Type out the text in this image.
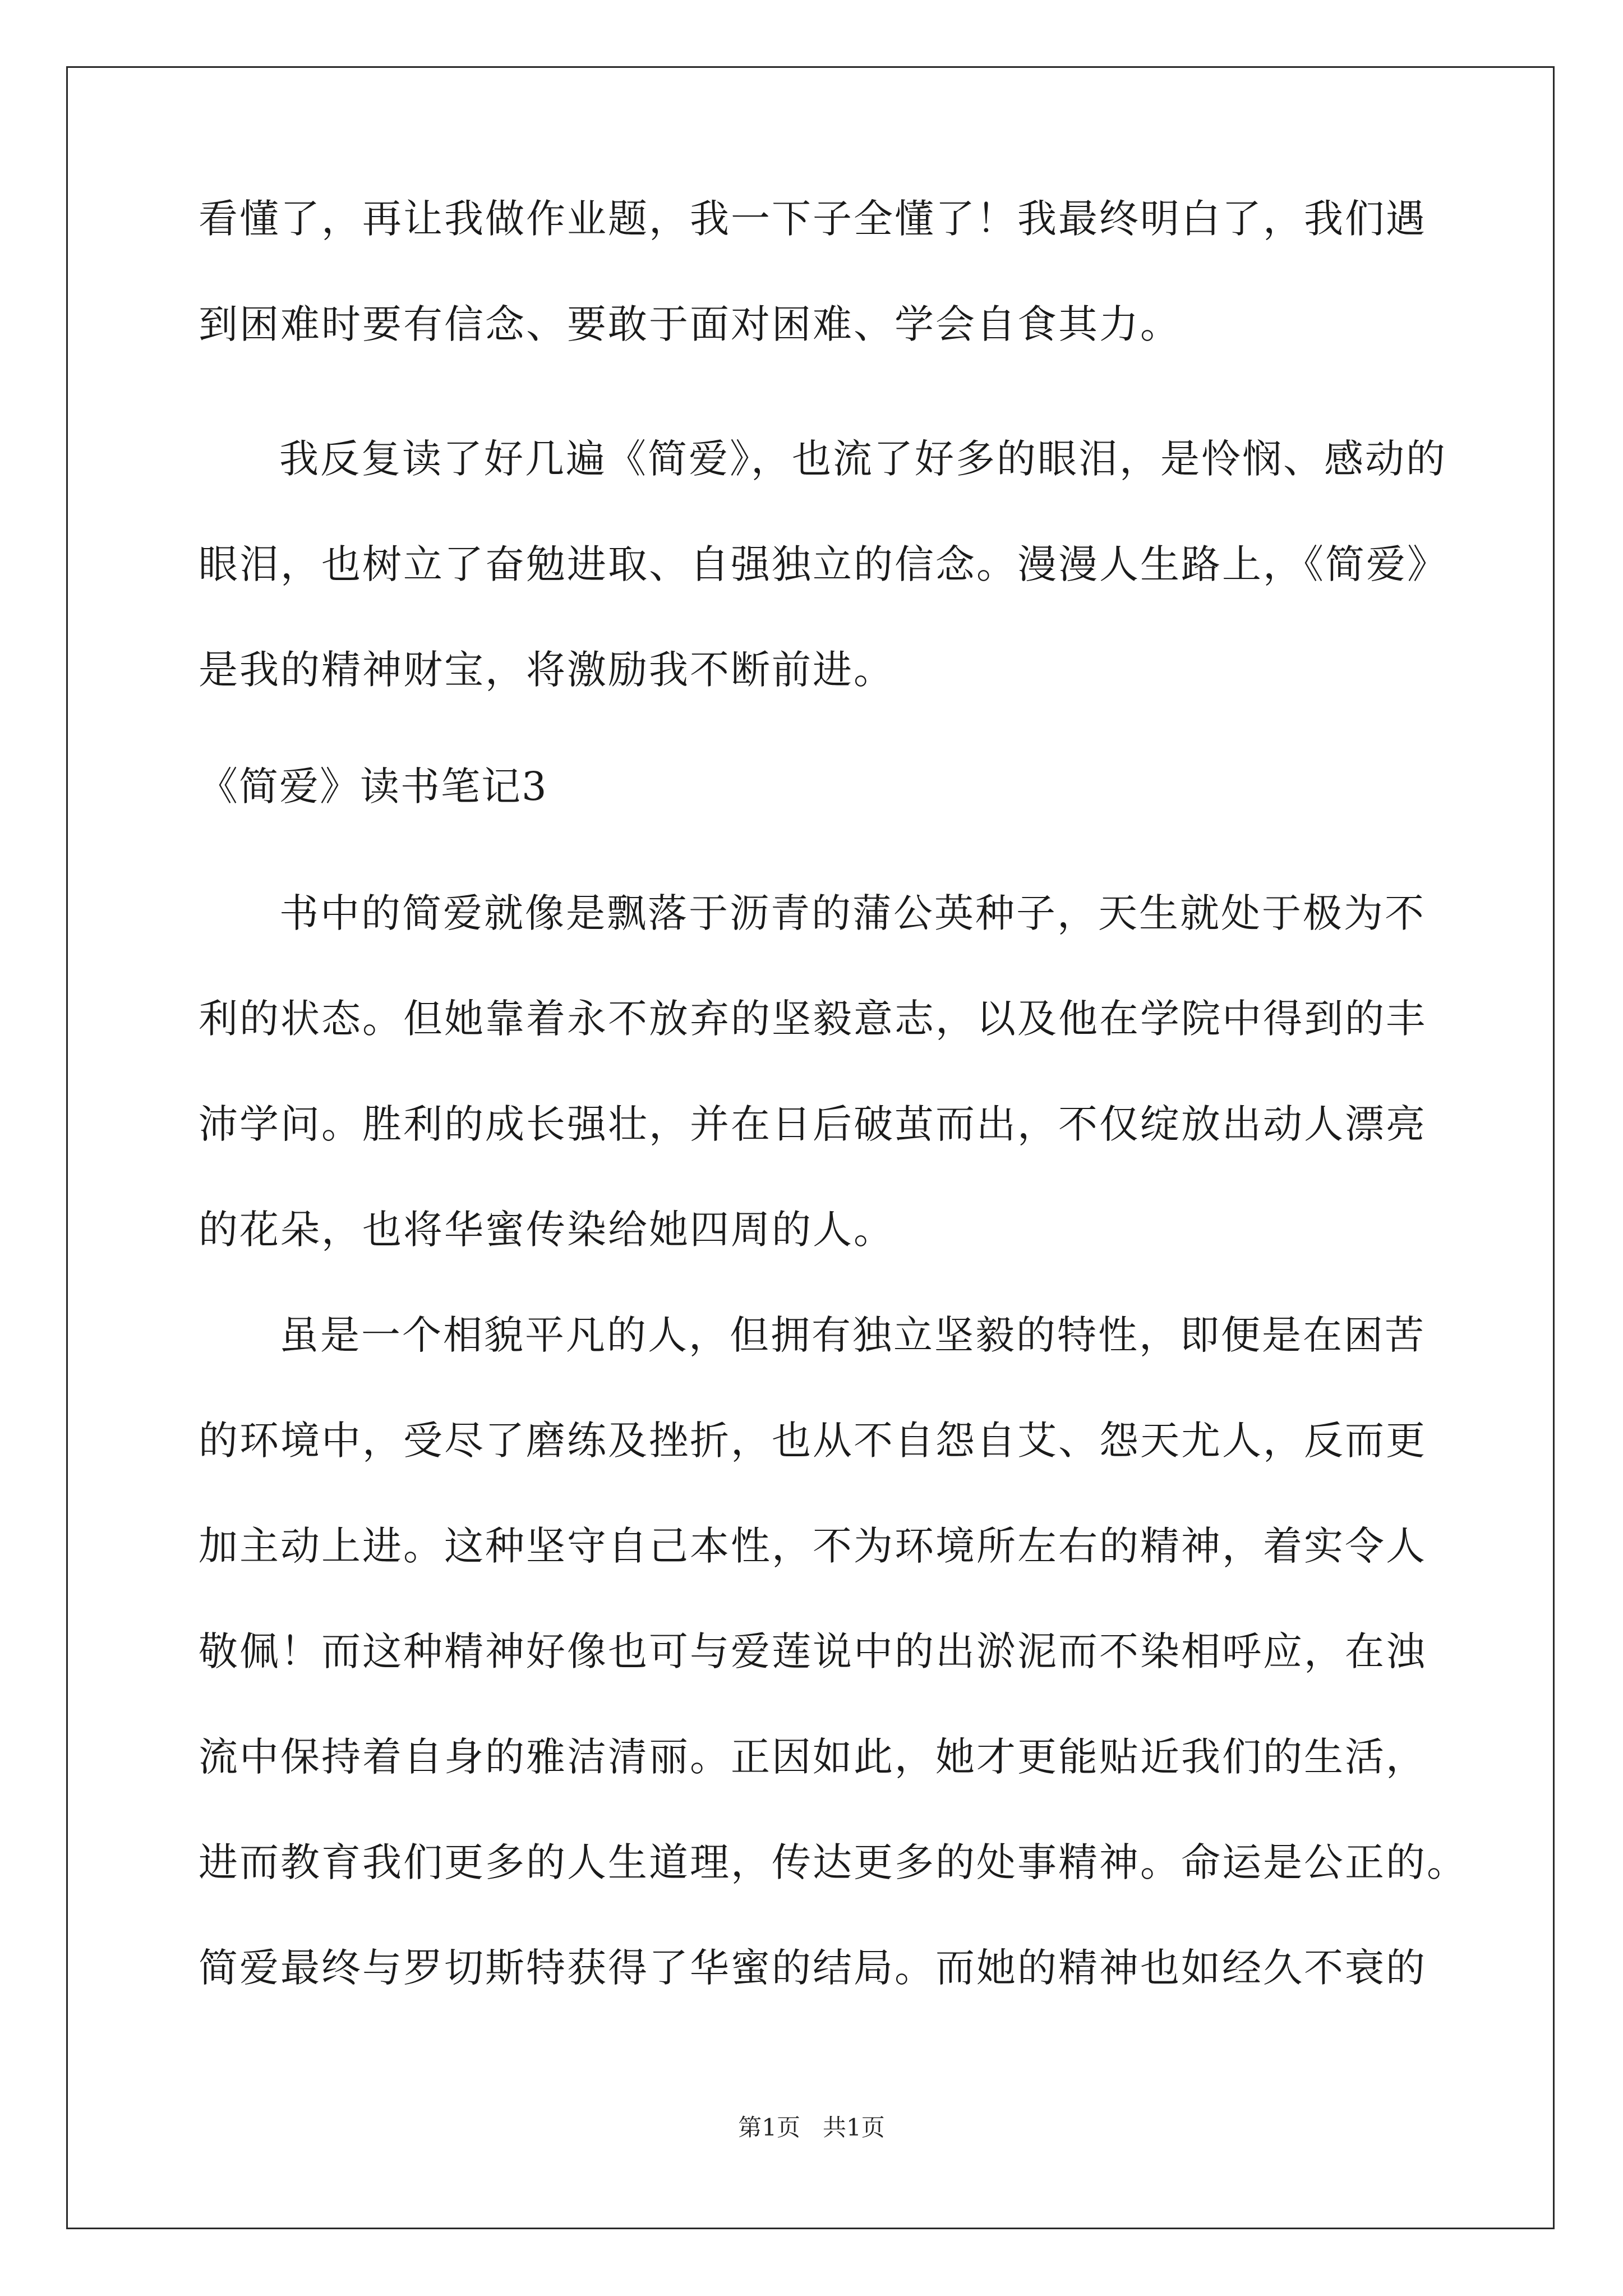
看懂了，再让我做作业题，我一下子全懂了！我最终明白了，我们遇
到困难时要有信念、要敢于面对困难、学会自食其力。
我反复读了好几遍《简爱》，也流了好多的眼泪，是怜悯、感动的
眼泪，也树立了奋勉进取、自强独立的信念。漫漫人生路上，《简爱》
是我的精神财宝，将激励我不断前进。
《简爱》读书笔记3
书中的简爱就像是飘落于沥青的蒲公英种子，天生就处于极为不
利的状态。但她靠着永不放弃的坚毅意志，以及他在学院中得到的丰
沛学问。胜利的成长强壮，并在日后破茧而出，不仅绽放出动人漂亮
的花朵，也将华蜜传染给她四周的人。
虽是一个相貌平凡的人，但拥有独立坚毅的特性，即便是在困苦
的环境中，受尽了磨练及挫折，也从不自怨自艾、怨天尤人，反而更
加主动上进。这种坚守自己本性，不为环境所左右的精神，着实令人
敬佩！而这种精神好像也可与爱莲说中的出淤泥而不染相呼应，在浊
流中保持着自身的雅洁清丽。正因如此，她才更能贴近我们的生活，
进而教育我们更多的人生道理，传达更多的处事精神。命运是公正的。
简爱最终与罗切斯特获得了华蜜的结局。而她的精神也如经久不衰的
第1页   共1页
